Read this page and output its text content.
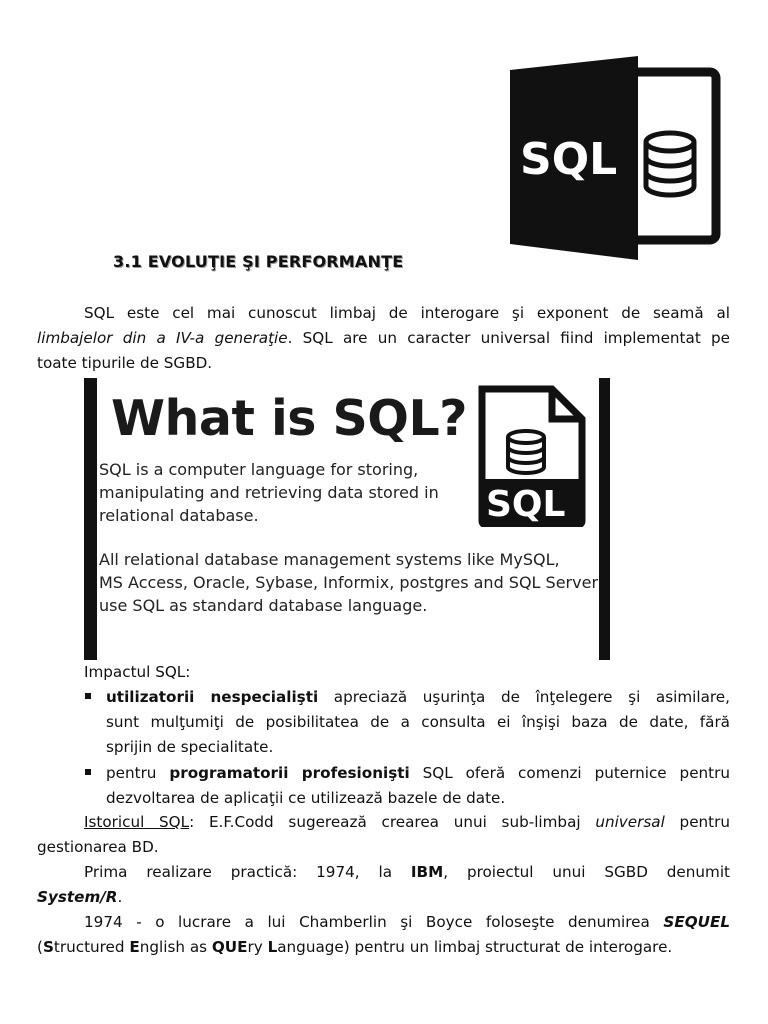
SQL
3.1 EVOLUŢIE ŞI PERFORMANŢE

SQL este cel mai cunoscut limbaj de interogare şi exponent de seamă al
limbajelor din a IV-a generaţie. SQL are un caracter universal fiind implementat pe
toate tipurile de SGBD.

What is SQL?
SQL is a computer language for storing,
manipulating and retrieving data stored in
relational database.
All relational database management systems like MySQL,
MS Access, Oracle, Sybase, Informix, postgres and SQL Server
use SQL as standard database language.
SQL
Impactul SQL:
utilizatorii nespecialişti apreciază uşurinţa de înţelegere şi asimilare,
sunt mulţumiţi de posibilitatea de a consulta ei înşişi baza de date, fără
sprijin de specialitate.
pentru programatorii profesionişti SQL oferă comenzi puternice pentru
dezvoltarea de aplicaţii ce utilizează bazele de date.

Istoricul SQL: E.F.Codd sugerează crearea unui sub-limbaj universal pentru
gestionarea BD.

Prima realizare practică: 1974, la IBM, proiectul unui SGBD denumit
System/R.

1974 - o lucrare a lui Chamberlin şi Boyce foloseşte denumirea SEQUEL
(Structured English as QUEry Language) pentru un limbaj structurat de interogare.
